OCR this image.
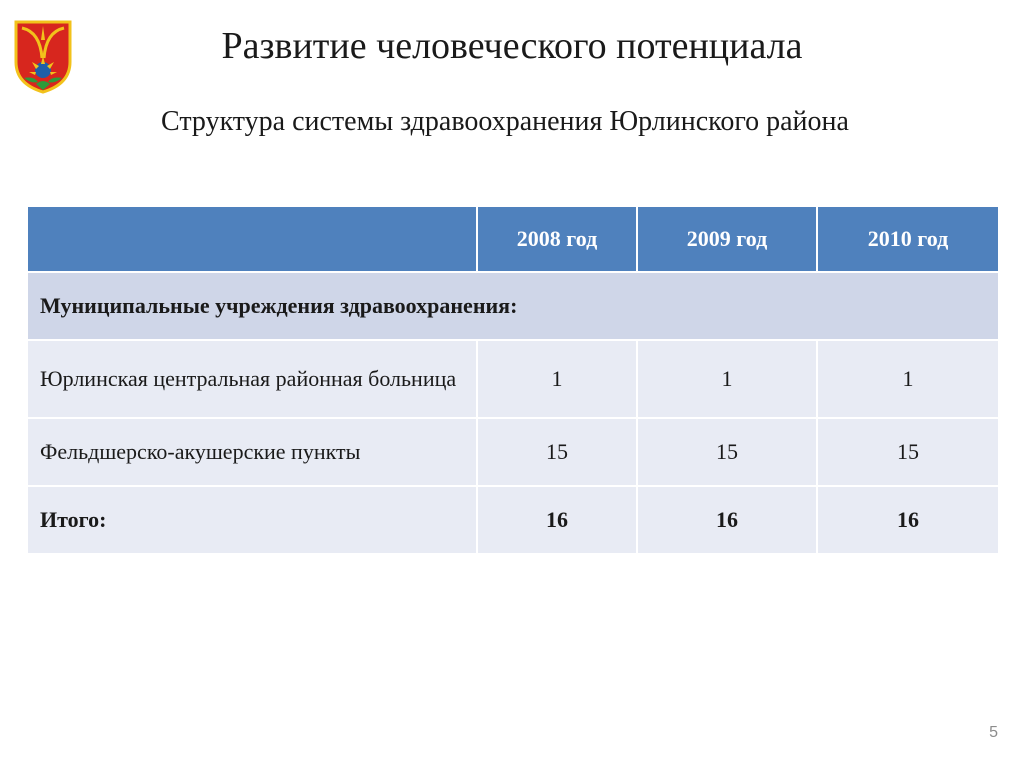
Развитие человеческого потенциала
Структура системы здравоохранения Юрлинского района
	2008 год	2009 год	2010 год
Муниципальные учреждения здравоохранения:			
Юрлинская центральная районная больница	1	1	1
Фельдшерско-акушерские пункты	15	15	15
Итого:	16	16	16
5
